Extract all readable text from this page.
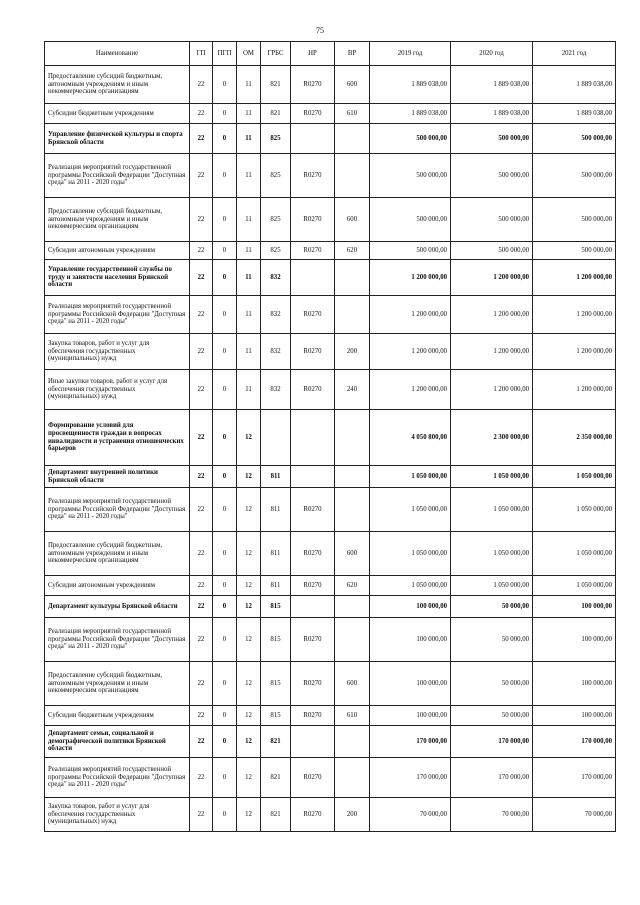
75
Наименование	ГП	ПГП	ОМ	ГРБС	НР	ВР	2019 год	2020 год	2021 год
Предоставление субсидий бюджетным, автономным учреждениям и иным некоммерческим организациям	22	0	11	821	R0270	600	1 889 038,00	1 889 038,00	1 889 038,00
Субсидии бюджетным учреждениям	22	0	11	821	R0270	610	1 889 038,00	1 889 038,00	1 889 038,00
Управление физической культуры и спорта Брянской области	22	0	11	825			500 000,00	500 000,00	500 000,00
Реализация мероприятий государственной программы Российской Федерации "Доступная среда" на 2011 - 2020 годы"	22	0	11	825	R0270		500 000,00	500 000,00	500 000,00
Предоставление субсидий бюджетным, автономным учреждениям и иным некоммерческим организациям	22	0	11	825	R0270	600	500 000,00	500 000,00	500 000,00
Субсидии автономным учреждениям	22	0	11	825	R0270	620	500 000,00	500 000,00	500 000,00
Управление государственной службы по труду и занятости населения Брянской области	22	0	11	832			1 200 000,00	1 200 000,00	1 200 000,00
Реализация мероприятий государственной программы Российской Федерации "Доступная среда" на 2011 - 2020 годы"	22	0	11	832	R0270		1 200 000,00	1 200 000,00	1 200 000,00
Закупка товаров, работ и услуг для обеспечения государственных (муниципальных) нужд	22	0	11	832	R0270	200	1 200 000,00	1 200 000,00	1 200 000,00
Иные закупки товаров, работ и услуг для обеспечения государственных (муниципальных) нужд	22	0	11	832	R0270	240	1 200 000,00	1 200 000,00	1 200 000,00
Формирование условий для просвещенности граждан в вопросах инвалидности и устранения отношенческих барьеров	22	0	12				4 050 800,00	2 300 000,00	2 350 000,00
Департамент внутренней политики Брянской области	22	0	12	811			1 050 000,00	1 050 000,00	1 050 000,00
Реализация мероприятий государственной программы Российской Федерации "Доступная среда" на 2011 - 2020 годы"	22	0	12	811	R0270		1 050 000,00	1 050 000,00	1 050 000,00
Предоставление субсидий бюджетным, автономным учреждениям и иным некоммерческим организациям	22	0	12	811	R0270	600	1 050 000,00	1 050 000,00	1 050 000,00
Субсидии автономным учреждениям	22	0	12	811	R0270	620	1 050 000,00	1 050 000,00	1 050 000,00
Департамент культуры Брянской области	22	0	12	815			100 000,00	50 000,00	100 000,00
Реализация мероприятий государственной программы Российской Федерации "Доступная среда" на 2011 - 2020 годы"	22	0	12	815	R0270		100 000,00	50 000,00	100 000,00
Предоставление субсидий бюджетным, автономным учреждениям и иным некоммерческим организациям	22	0	12	815	R0270	600	100 000,00	50 000,00	100 000,00
Субсидии бюджетным учреждениям	22	0	12	815	R0270	610	100 000,00	50 000,00	100 000,00
Департамент семьи, социальной и демографической политики Брянской области	22	0	12	821			170 000,00	170 000,00	170 000,00
Реализация мероприятий государственной программы Российской Федерации "Доступная среда" на 2011 - 2020 годы"	22	0	12	821	R0270		170 000,00	170 000,00	170 000,00
Закупка товаров, работ и услуг для обеспечения государственных (муниципальных) нужд	22	0	12	821	R0270	200	70 000,00	70 000,00	70 000,00
